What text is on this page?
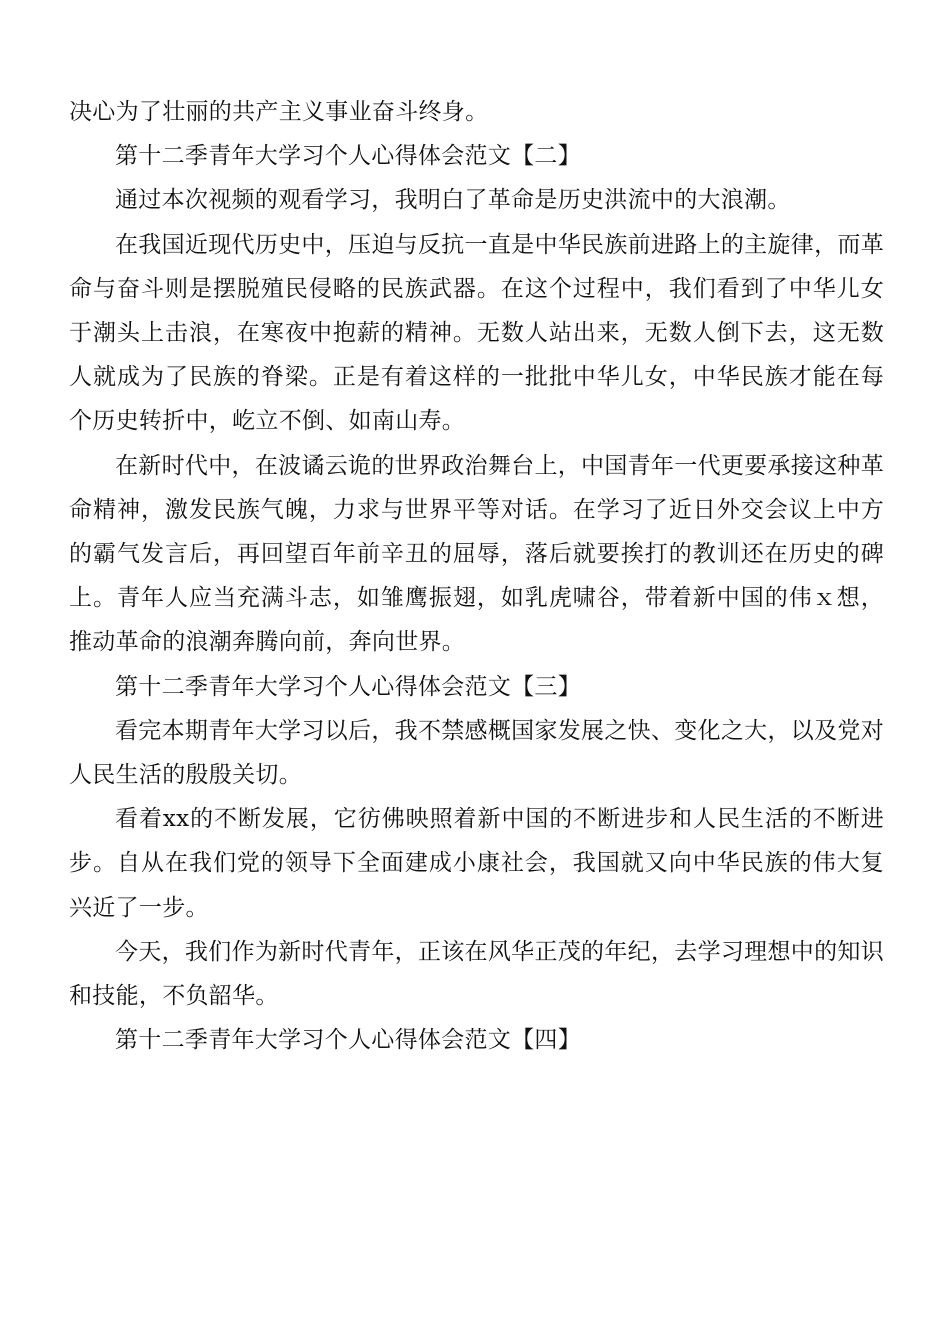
决心为了壮丽的共产主义事业奋斗终身。

第十二季青年大学习个人心得体会范文【二】

通过本次视频的观看学习，我明白了革命是历史洪流中的大浪潮。

在我国近现代历史中，压迫与反抗一直是中华民族前进路上的主旋律，而革命与奋斗则是摆脱殖民侵略的民族武器。在这个过程中，我们看到了中华儿女于潮头上击浪，在寒夜中抱薪的精神。无数人站出来，无数人倒下去，这无数人就成为了民族的脊梁。正是有着这样的一批批中华儿女，中华民族才能在每个历史转折中，屹立不倒、如南山寿。

在新时代中，在波谲云诡的世界政治舞台上，中国青年一代更要承接这种革命精神，激发民族气魄，力求与世界平等对话。在学习了近日外交会议上中方的霸气发言后，再回望百年前辛丑的屈辱，落后就要挨打的教训还在历史的碑上。青年人应当充满斗志，如雏鹰振翅，如乳虎啸谷，带着新中国的伟ｘ想，推动革命的浪潮奔腾向前，奔向世界。

第十二季青年大学习个人心得体会范文【三】

看完本期青年大学习以后，我不禁感概国家发展之快、变化之大，以及党对人民生活的殷殷关切。

看着xx的不断发展，它彷佛映照着新中国的不断进步和人民生活的不断进步。自从在我们党的领导下全面建成小康社会，我国就又向中华民族的伟大复兴近了一步。

今天，我们作为新时代青年，正该在风华正茂的年纪，去学习理想中的知识和技能，不负韶华。

第十二季青年大学习个人心得体会范文【四】
